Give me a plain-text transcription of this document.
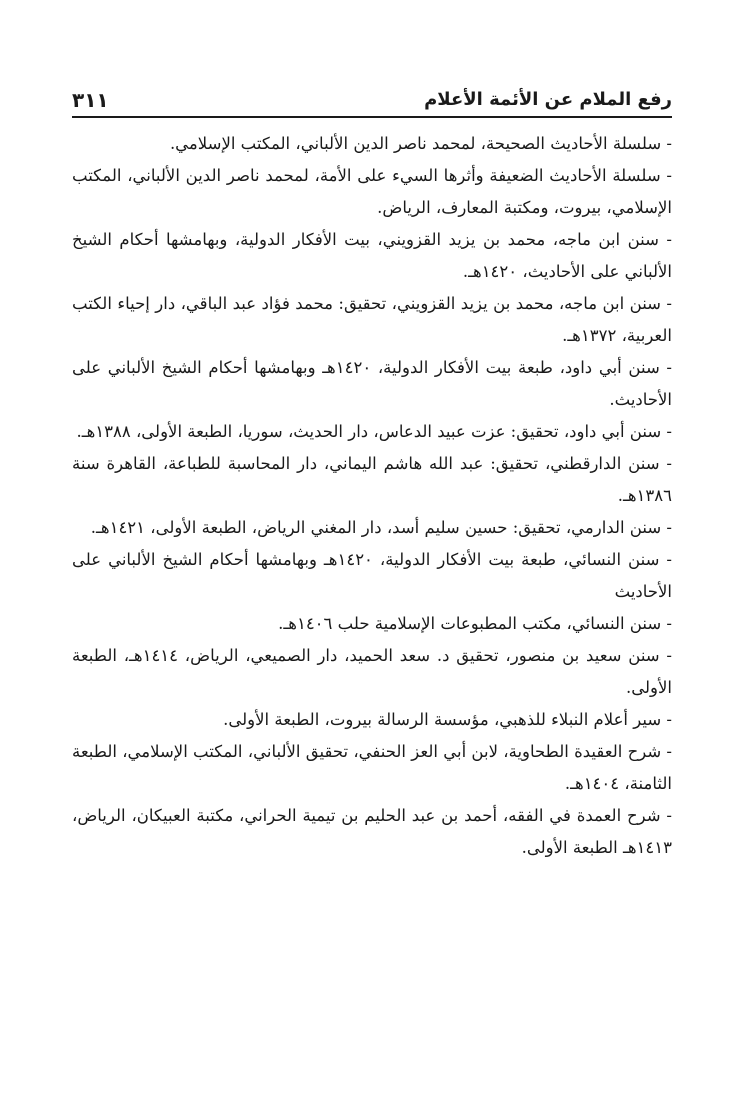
رفع الملام عن الأئمة الأعلام
٣١١
- سلسلة الأحاديث الصحيحة، لمحمد ناصر الدين الألباني، المكتب الإسلامي.
- سلسلة الأحاديث الضعيفة وأثرها السيء على الأمة، لمحمد ناصر الدين الألباني، المكتب الإسلامي، بيروت، ومكتبة المعارف، الرياض.
- سنن ابن ماجه، محمد بن يزيد القزويني، بيت الأفكار الدولية، وبهامشها أحكام الشيخ الألباني على الأحاديث، ١٤٢٠هـ.
- سنن ابن ماجه، محمد بن يزيد القزويني، تحقيق: محمد فؤاد عبد الباقي، دار إحياء الكتب العربية، ١٣٧٢هـ.
- سنن أبي داود، طبعة بيت الأفكار الدولية، ١٤٢٠هـ وبهامشها أحكام الشيخ الألباني على الأحاديث.
- سنن أبي داود، تحقيق: عزت عبيد الدعاس، دار الحديث، سوريا، الطبعة الأولى، ١٣٨٨هـ.
- سنن الدارقطني، تحقيق: عبد الله هاشم اليماني، دار المحاسبة للطباعة، القاهرة سنة ١٣٨٦هـ.
- سنن الدارمي، تحقيق: حسين سليم أسد، دار المغني الرياض، الطبعة الأولى، ١٤٢١هـ.
- سنن النسائي، طبعة بيت الأفكار الدولية، ١٤٢٠هـ وبهامشها أحكام الشيخ الألباني على الأحاديث
- سنن النسائي، مكتب المطبوعات الإسلامية حلب ١٤٠٦هـ.
- سنن سعيد بن منصور، تحقيق د. سعد الحميد، دار الصميعي، الرياض، ١٤١٤هـ، الطبعة الأولى.
- سير أعلام النبلاء للذهبي، مؤسسة الرسالة بيروت، الطبعة الأولى.
- شرح العقيدة الطحاوية، لابن أبي العز الحنفي، تحقيق الألباني، المكتب الإسلامي، الطبعة الثامنة، ١٤٠٤هـ.
- شرح العمدة في الفقه، أحمد بن عبد الحليم بن تيمية الحراني، مكتبة العبيكان، الرياض، ١٤١٣هـ الطبعة الأولى.
